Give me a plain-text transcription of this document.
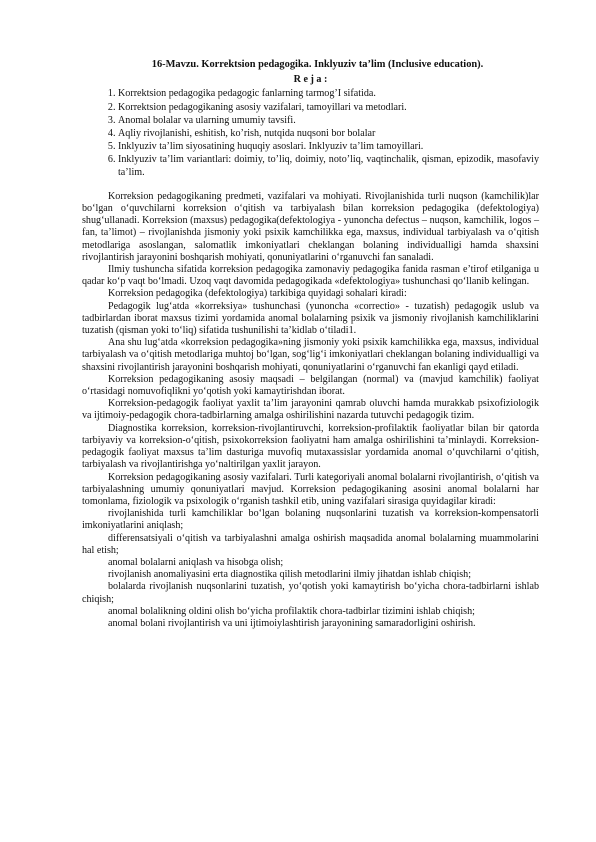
16-Mavzu. Korrektsion pedagogika. Inklyuziv ta’lim (Inclusive education).
R e j a :
1. Korrektsion pedagogika pedagogic fanlarning tarmog’I sifatida.
2. Korrektsion pedagogikaning asosiy vazifalari, tamoyillari va metodlari.
3. Anomal bolalar va ularning umumiy tavsifi.
4. Aqliy rivojlanishi, eshitish, ko’rish, nutqida nuqsoni bor bolalar
5. Inklyuziv ta’lim siyosatining huquqiy asoslari. Inklyuziv ta’lim tamoyillari.
6. Inklyuziv ta’lim variantlari: doimiy, to’liq, doimiy, noto’liq, vaqtinchalik, qisman, epizodik, masofaviy ta’lim.

Korreksion pedagogikaning predmeti, vazifalari va mohiyati. Rivojlanishida turli nuqson (kamchilik)lar bo‘lgan o‘quvchilarni korreksion o‘qitish va tarbiyalash bilan korreksion pedagogika (defektologiya) shug‘ullanadi. Korreksion (maxsus) pedagogika(defektologiya - yunoncha defectus – nuqson, kamchilik, logos – fan, ta’limot) – rivojlanishda jismoniy yoki psixik kamchilikka ega, maxsus, individual tarbiyalash va o‘qitish metodlariga asoslangan, salomatlik imkoniyatlari cheklangan bolaning individualligi hamda shaxsini rivojlantirish jarayonini boshqarish mohiyati, qonuniyatlarini o‘rganuvchi fan sanaladi.

Ilmiy tushuncha sifatida korreksion pedagogika zamonaviy pedagogika fanida rasman e’tirof etilganiga u qadar ko‘p vaqt bo‘lmadi. Uzoq vaqt davomida pedagogikada «defektologiya» tushunchasi qo‘llanib kelingan.

Korreksion pedagogika (defektologiya) tarkibiga quyidagi sohalari kiradi:

Pedagogik lug‘atda «korreksiya» tushunchasi (yunoncha «correctio» - tuzatish) pedagogik uslub va tadbirlardan iborat maxsus tizimi yordamida anomal bolalarning psixik va jismoniy rivojlanish kamchiliklarini tuzatish (qisman yoki to‘liq) sifatida tushunilishi ta’kidlab o‘tiladi1.

Ana shu lug‘atda «korreksion pedagogika»ning jismoniy yoki psixik kamchilikka ega, maxsus, individual tarbiyalash va o‘qitish metodlariga muhtoj bo‘lgan, sog‘lig‘i imkoniyatlari cheklangan bolaning individualligi va shaxsini rivojlantirish jarayonini boshqarish mohiyati, qonuniyatlarini o‘rganuvchi fan ekanligi qayd etiladi.

Korreksion pedagogikaning asosiy maqsadi – belgilangan (normal) va (mavjud kamchilik) faoliyat o‘rtasidagi nomuvofiqlikni yo‘qotish yoki kamaytirishdan iborat.

Korreksion-pedagogik faoliyat yaxlit ta’lim jarayonini qamrab oluvchi hamda murakkab psixofiziologik va ijtimoiy-pedagogik chora-tadbirlarning amalga oshirilishini nazarda tutuvchi pedagogik tizim.

Diagnostika korreksion, korreksion-rivojlantiruvchi, korreksion-profilaktik faoliyatlar bilan bir qatorda tarbiyaviy va korreksion-o‘qitish, psixokorreksion faoliyatni ham amalga oshirilishini ta’minlaydi. Korreksion-pedagogik faoliyat maxsus ta’lim dasturiga muvofiq mutaxassislar yordamida anomal o‘quvchilarni o‘qitish, tarbiyalash va rivojlantirishga yo‘naltirilgan yaxlit jarayon.

Korreksion pedagogikaning asosiy vazifalari. Turli kategoriyali anomal bolalarni rivojlantirish, o‘qitish va tarbiyalashning umumiy qonuniyatlari mavjud. Korreksion pedagogikaning asosini anomal bolalarni har tomonlama, fiziologik va psixologik o‘rganish tashkil etib, uning vazifalari sirasiga quyidagilar kiradi:

rivojlanishida turli kamchiliklar bo‘lgan bolaning nuqsonlarini tuzatish va korreksion-kompensatorli imkoniyatlarini aniqlash;

differensatsiyali o‘qitish va tarbiyalashni amalga oshirish maqsadida anomal bolalarning muammolarini hal etish;

anomal bolalarni aniqlash va hisobga olish;

rivojlanish anomaliyasini erta diagnostika qilish metodlarini ilmiy jihatdan ishlab chiqish;

bolalarda rivojlanish nuqsonlarini tuzatish, yo‘qotish yoki kamaytirish bo‘yicha chora-tadbirlarni ishlab chiqish;

anomal bolalikning oldini olish bo‘yicha profilaktik chora-tadbirlar tizimini ishlab chiqish;

anomal bolani rivojlantirish va uni ijtimoiylashtirish jarayonining samaradorligini oshirish.
